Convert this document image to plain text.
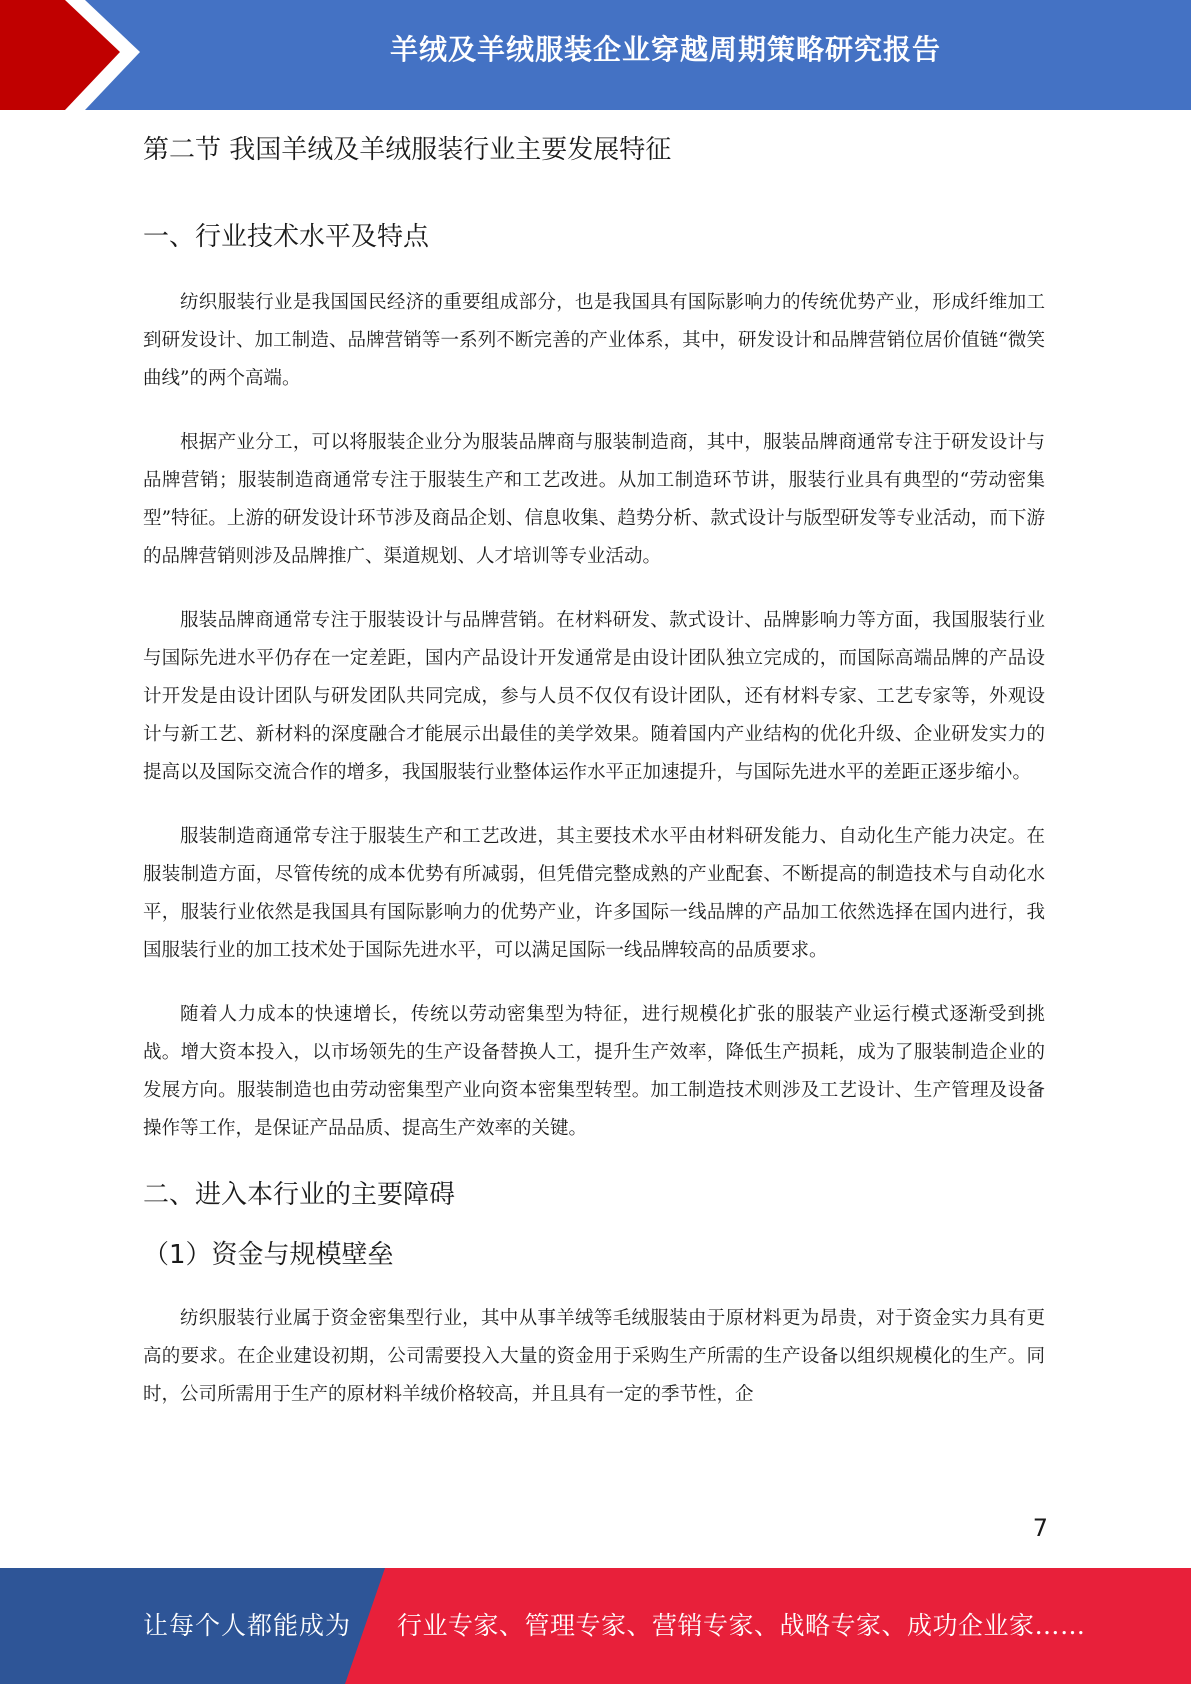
羊绒及羊绒服装企业穿越周期策略研究报告
第二节 我国羊绒及羊绒服装行业主要发展特征
一、行业技术水平及特点

纺织服装行业是我国国民经济的重要组成部分，也是我国具有国际影响力的传统优势产业，形成纤维加工到研发设计、加工制造、品牌营销等一系列不断完善的产业体系，其中，研发设计和品牌营销位居价值链“微笑曲线”的两个高端。

根据产业分工，可以将服装企业分为服装品牌商与服装制造商，其中，服装品牌商通常专注于研发设计与品牌营销；服装制造商通常专注于服装生产和工艺改进。从加工制造环节讲，服装行业具有典型的“劳动密集型”特征。上游的研发设计环节涉及商品企划、信息收集、趋势分析、款式设计与版型研发等专业活动，而下游的品牌营销则涉及品牌推广、渠道规划、人才培训等专业活动。

服装品牌商通常专注于服装设计与品牌营销。在材料研发、款式设计、品牌影响力等方面，我国服装行业与国际先进水平仍存在一定差距，国内产品设计开发通常是由设计团队独立完成的，而国际高端品牌的产品设计开发是由设计团队与研发团队共同完成，参与人员不仅仅有设计团队，还有材料专家、工艺专家等，外观设计与新工艺、新材料的深度融合才能展示出最佳的美学效果。随着国内产业结构的优化升级、企业研发实力的提高以及国际交流合作的增多，我国服装行业整体运作水平正加速提升，与国际先进水平的差距正逐步缩小。

服装制造商通常专注于服装生产和工艺改进，其主要技术水平由材料研发能力、自动化生产能力决定。在服装制造方面，尽管传统的成本优势有所减弱，但凭借完整成熟的产业配套、不断提高的制造技术与自动化水平，服装行业依然是我国具有国际影响力的优势产业，许多国际一线品牌的产品加工依然选择在国内进行，我国服装行业的加工技术处于国际先进水平，可以满足国际一线品牌较高的品质要求。

随着人力成本的快速增长，传统以劳动密集型为特征，进行规模化扩张的服装产业运行模式逐渐受到挑战。增大资本投入，以市场领先的生产设备替换人工，提升生产效率，降低生产损耗，成为了服装制造企业的发展方向。服装制造也由劳动密集型产业向资本密集型转型。加工制造技术则涉及工艺设计、生产管理及设备操作等工作，是保证产品品质、提高生产效率的关键。

二、进入本行业的主要障碍
（1）资金与规模壁垒

纺织服装行业属于资金密集型行业，其中从事羊绒等毛绒服装由于原材料更为昂贵，对于资金实力具有更高的要求。在企业建设初期，公司需要投入大量的资金用于采购生产所需的生产设备以组织规模化的生产。同时，公司所需用于生产的原材料羊绒价格较高，并且具有一定的季节性，企

7
让每个人都能成为 行业专家、管理专家、营销专家、战略专家、成功企业家……
